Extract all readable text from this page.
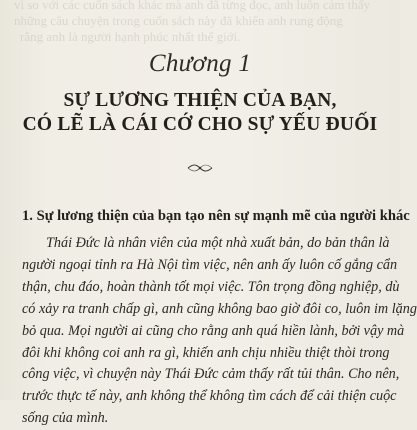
vì so với các cuốn sách khác mà anh đã từng đọc, anh luôn cảm thấy
những câu chuyện trong cuốn sách này đã khiến anh rung động
rằng anh là người hạnh phúc nhất thế giới.
Chương 1
SỰ LƯƠNG THIỆN CỦA BẠN,
CÓ LẼ LÀ CÁI CỚ CHO SỰ YẾU ĐUỐI
1. Sự lương thiện của bạn tạo nên sự mạnh mẽ của người khác
Thái Đức là nhân viên của một nhà xuất bản, do bản thân là
người ngoại tỉnh ra Hà Nội tìm việc, nên anh ấy luôn cố gắng cẩn
thận, chu đáo, hoàn thành tốt mọi việc. Tôn trọng đồng nghiệp, dù
có xảy ra tranh chấp gì, anh cũng không bao giờ đôi co, luôn im lặng
bỏ qua. Mọi người ai cũng cho rằng anh quá hiền lành, bởi vậy mà
đôi khi không coi anh ra gì, khiến anh chịu nhiều thiệt thòi trong
công việc, vì chuyện này Thái Đức cảm thấy rất tủi thân. Cho nên,
trước thực tế này, anh không thể không tìm cách để cải thiện cuộc
sống của mình.
